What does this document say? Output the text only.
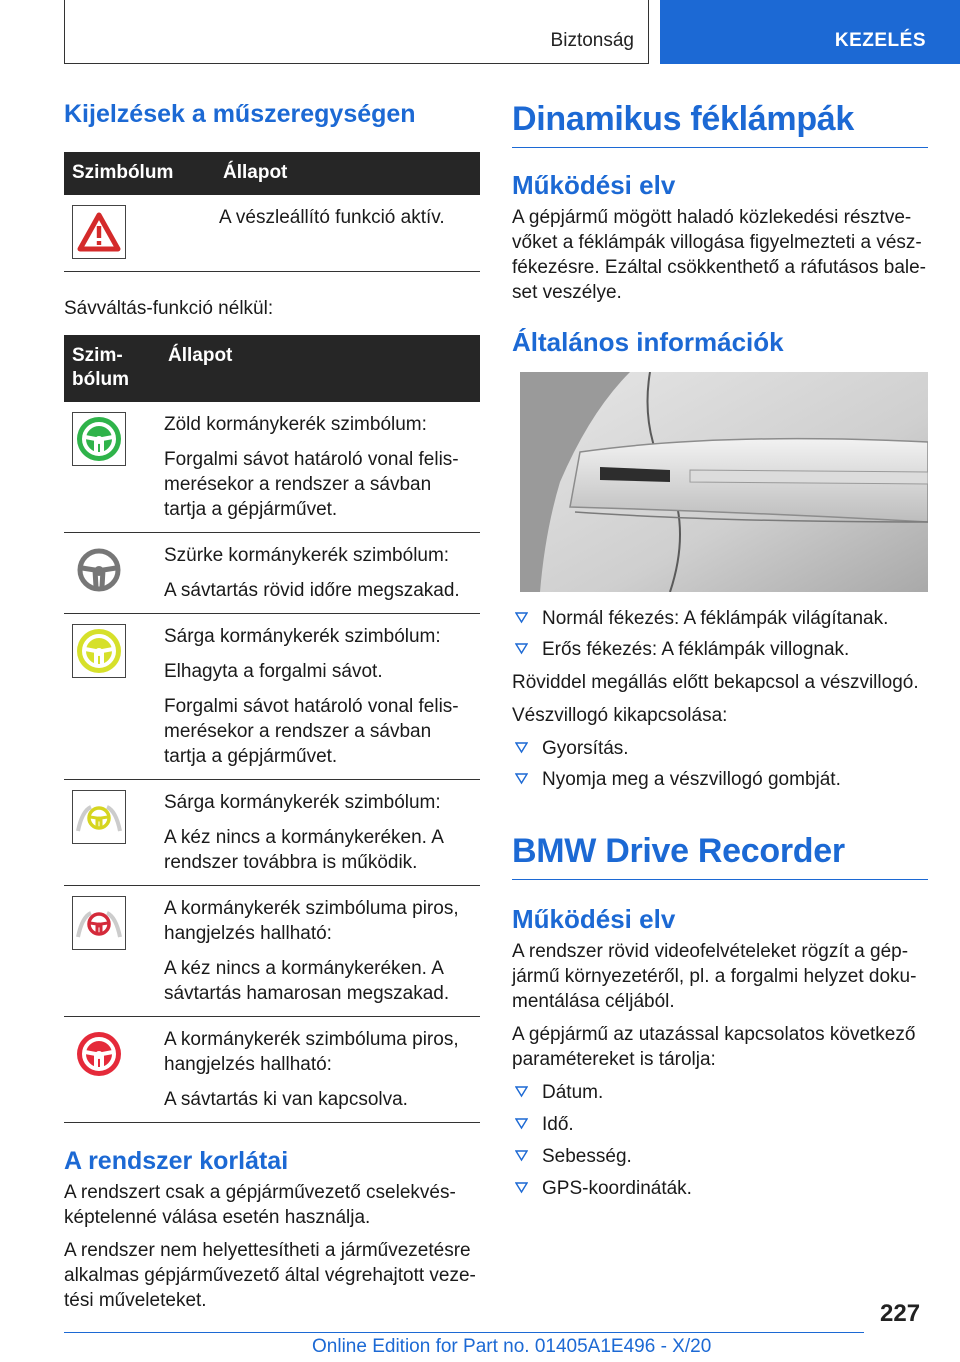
Biztonság	KEZELÉS
Kijelzések a műszeregységen
Szimbólum	Állapot

A vészleállító funkció aktív.

Sávváltás-funkció nélkül:

Szim-
bólum	Állapot

Zöld kormánykerék szimbólum:
Forgalmi sávot határoló vonal felis-merésekor a rendszer a sávban tartja a gépjárművet.

Szürke kormánykerék szimbólum:
A sávtartás rövid időre megszakad.

Sárga kormánykerék szimbólum:
Elhagyta a forgalmi sávot.
Forgalmi sávot határoló vonal felis-merésekor a rendszer a sávban tartja a gépjárművet.

Sárga kormánykerék szimbólum:
A kéz nincs a kormánykeréken. A rendszer továbbra is működik.

A kormánykerék szimbóluma piros, hangjelzés hallható:
A kéz nincs a kormánykeréken. A sávtartás hamarosan megszakad.

A kormánykerék szimbóluma piros, hangjelzés hallható:
A sávtartás ki van kapcsolva.
A rendszer korlátai

A rendszert csak a gépjárművezető cselekvés-képtelenné válása esetén használja.

A rendszer nem helyettesítheti a járművezetésre alkalmas gépjárművezető által végrehajtott veze-tési műveleteket.

Dinamikus féklámpák
Működési elv

A gépjármű mögött haladó közlekedési résztve-vőket a féklámpák villogása figyelmezteti a vész-fékezésre. Ezáltal csökkenthető a ráfutásos bale-set veszélye.

Általános információk
Normál fékezés: A féklámpák világítanak.
Erős fékezés: A féklámpák villognak.

Röviddel megállás előtt bekapcsol a vészvillogó.

Vészvillogó kikapcsolása:

Gyorsítás.
Nyomja meg a vészvillogó gombját.
BMW Drive Recorder
Működési elv

A rendszer rövid videofelvételeket rögzít a gép-jármű környezetéről, pl. a forgalmi helyzet doku-mentálása céljából.

A gépjármű az utazással kapcsolatos következő paramétereket is tárolja:

Dátum.
Idő.
Sebesség.
GPS-koordináták.
227
Online Edition for Part no. 01405A1E496 - X/20
